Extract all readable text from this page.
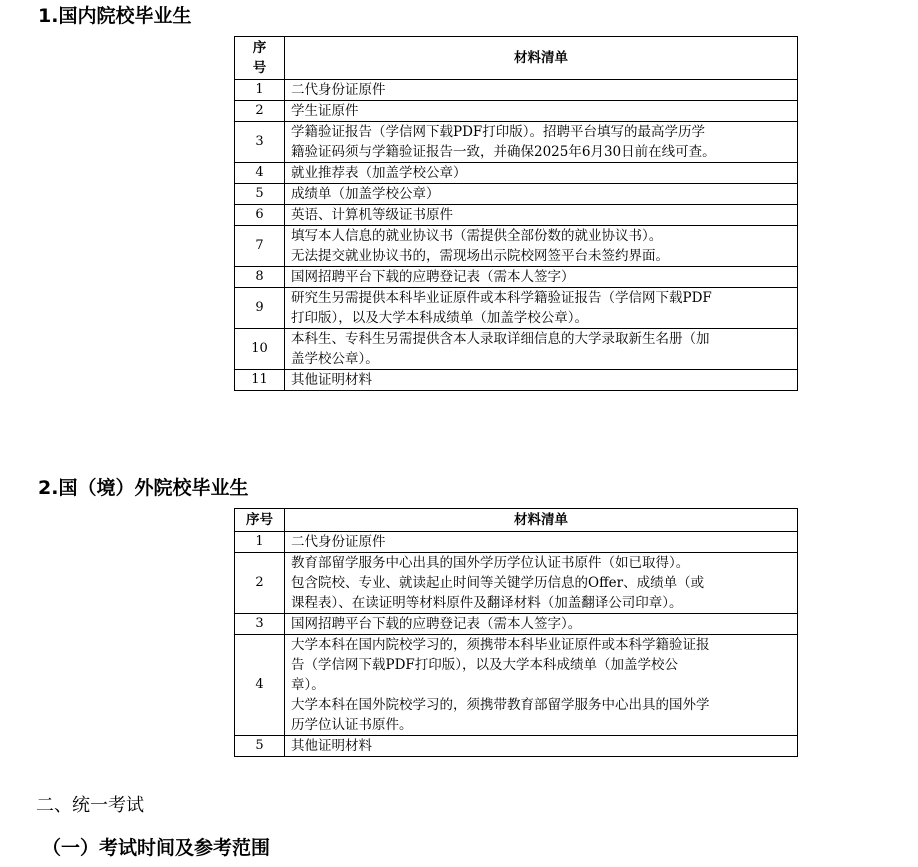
1.国内院校毕业生
序
号	材料清单
1	二代身份证原件

2	学生证原件

3	学籍验证报告（学信网下载PDF打印版）。招聘平台填写的最高学历学
籍验证码须与学籍验证报告一致，并确保2025年6月30日前在线可查。

4	就业推荐表（加盖学校公章）

5	成绩单（加盖学校公章）

6	英语、计算机等级证书原件

7	填写本人信息的就业协议书（需提供全部份数的就业协议书）。
无法提交就业协议书的，需现场出示院校网签平台未签约界面。

8	国网招聘平台下载的应聘登记表（需本人签字）

9	研究生另需提供本科毕业证原件或本科学籍验证报告（学信网下载PDF
打印版），以及大学本科成绩单（加盖学校公章）。

10	本科生、专科生另需提供含本人录取详细信息的大学录取新生名册（加
盖学校公章）。

11	其他证明材料
2.国（境）外院校毕业生
序号	材料清单
1	二代身份证原件

2	教育部留学服务中心出具的国外学历学位认证书原件（如已取得）。
包含院校、专业、就读起止时间等关键学历信息的Offer、成绩单（或
课程表）、在读证明等材料原件及翻译材料（加盖翻译公司印章）。

3	国网招聘平台下载的应聘登记表（需本人签字）。

4	大学本科在国内院校学习的，须携带本科毕业证原件或本科学籍验证报
告（学信网下载PDF打印版），以及大学本科成绩单（加盖学校公
章）。
大学本科在国外院校学习的，须携带教育部留学服务中心出具的国外学
历学位认证书原件。

5	其他证明材料
二、统一考试
（一）考试时间及参考范围
